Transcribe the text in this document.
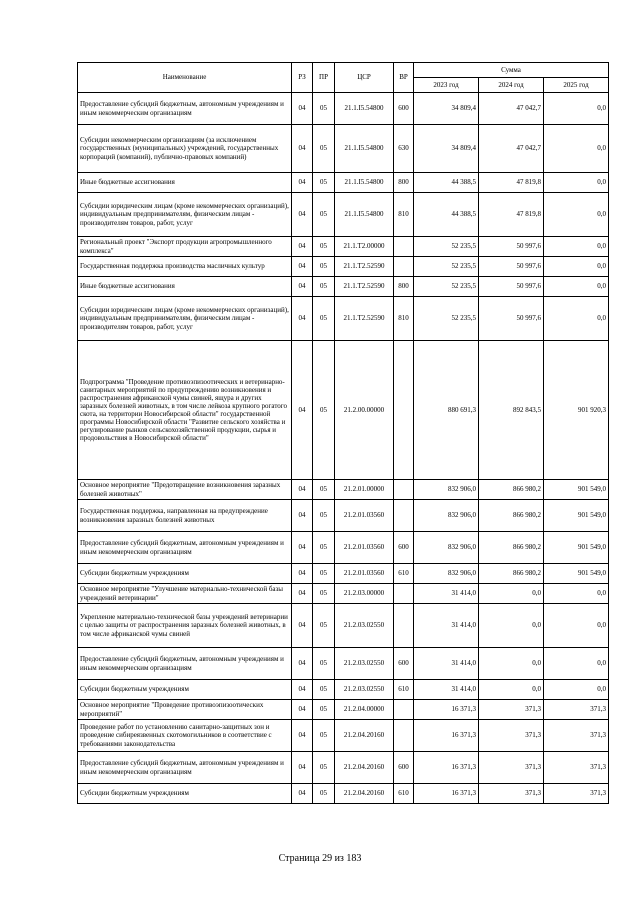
Наименование	РЗ	ПР	ЦСР	ВР	Сумма		
					2023 год	2024 год	2025 год
Предоставление субсидий бюджетным, автономным учреждениям и иным некоммерческим организациям	04	05	21.1.I5.54800	600	34 809,4	47 042,7	0,0
Субсидии некоммерческим организациям (за исключением государственных (муниципальных) учреждений, государственных корпораций (компаний), публично-правовых компаний)	04	05	21.1.I5.54800	630	34 809,4	47 042,7	0,0
Иные бюджетные ассигнования	04	05	21.1.I5.54800	800	44 388,5	47 819,8	0,0
Субсидии юридическим лицам (кроме некоммерческих организаций), индивидуальным предпринимателям, физическим лицам - производителям товаров, работ, услуг	04	05	21.1.I5.54800	810	44 388,5	47 819,8	0,0
Региональный проект "Экспорт продукции агропромышленного комплекса"	04	05	21.1.T2.00000		52 235,5	50 997,6	0,0
Государственная поддержка производства масличных культур	04	05	21.1.T2.52590		52 235,5	50 997,6	0,0
Иные бюджетные ассигнования	04	05	21.1.T2.52590	800	52 235,5	50 997,6	0,0
Субсидии юридическим лицам (кроме некоммерческих организаций), индивидуальным предпринимателям, физическим лицам - производителям товаров, работ, услуг	04	05	21.1.T2.52590	810	52 235,5	50 997,6	0,0
Подпрограмма "Проведение противоэпизоотических и ветеринарно-санитарных мероприятий по предупреждению возникновения и распространения африканской чумы свиней, ящура и других заразных болезней животных, в том числе лейкоза крупного рогатого скота, на территории Новосибирской области" государственной программы Новосибирской области "Развитие сельского хозяйства и регулирование рынков сельскохозяйственной продукции, сырья и продовольствия в Новосибирской области"	04	05	21.2.00.00000		880 691,3	892 843,5	901 920,3
Основное мероприятие "Предотвращение возникновения заразных болезней животных"	04	05	21.2.01.00000		832 906,0	866 980,2	901 549,0
Государственная поддержка, направленная на предупреждение возникновения заразных болезней животных	04	05	21.2.01.03560		832 906,0	866 980,2	901 549,0
Предоставление субсидий бюджетным, автономным учреждениям и иным некоммерческим организациям	04	05	21.2.01.03560	600	832 906,0	866 980,2	901 549,0
Субсидии бюджетным учреждениям	04	05	21.2.01.03560	610	832 906,0	866 980,2	901 549,0
Основное мероприятие "Улучшение материально-технической базы учреждений ветеринарии"	04	05	21.2.03.00000		31 414,0	0,0	0,0
Укрепление материально-технической базы учреждений ветеринарии с целью защиты от распространения заразных болезней животных, в том числе африканской чумы свиней	04	05	21.2.03.02550		31 414,0	0,0	0,0
Предоставление субсидий бюджетным, автономным учреждениям и иным некоммерческим организациям	04	05	21.2.03.02550	600	31 414,0	0,0	0,0
Субсидии бюджетным учреждениям	04	05	21.2.03.02550	610	31 414,0	0,0	0,0
Основное мероприятие "Проведение противоэпизоотических мероприятий"	04	05	21.2.04.00000		16 371,3	371,3	371,3
Проведение работ по установлению санитарно-защитных зон и проведение сибиреязвенных скотомогильников в соответствие с требованиями законодательства	04	05	21.2.04.20160		16 371,3	371,3	371,3
Предоставление субсидий бюджетным, автономным учреждениям и иным некоммерческим организациям	04	05	21.2.04.20160	600	16 371,3	371,3	371,3
Субсидии бюджетным учреждениям	04	05	21.2.04.20160	610	16 371,3	371,3	371,3
Страница 29 из 183
